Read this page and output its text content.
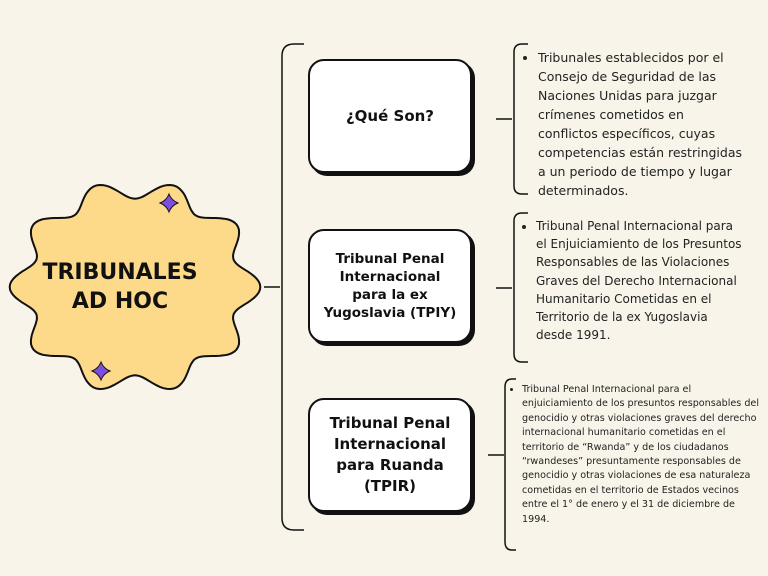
TRIBUNALES AD HOC
¿Qué Son?
Tribunal Penal Internacional para la ex Yugoslavia (TPIY)
Tribunal Penal Internacional para Ruanda (TPIR)
• Tribunales establecidos por el Consejo de Seguridad de las Naciones Unidas para juzgar crímenes cometidos en conflictos específicos, cuyas competencias están restringidas a un periodo de tiempo y lugar determinados.
• Tribunal Penal Internacional para el Enjuiciamiento de los Presuntos Responsables de las Violaciones Graves del Derecho Internacional Humanitario Cometidas en el Territorio de la ex Yugoslavia desde 1991.
• Tribunal Penal Internacional para el enjuiciamiento de los presuntos responsables del genocidio y otras violaciones graves del derecho internacional humanitario cometidas en el territorio de “Rwanda” y de los ciudadanos “rwandeses” presuntamente responsables de genocidio y otras violaciones de esa naturaleza cometidas en el territorio de Estados vecinos entre el 1° de enero y el 31 de diciembre de 1994.
